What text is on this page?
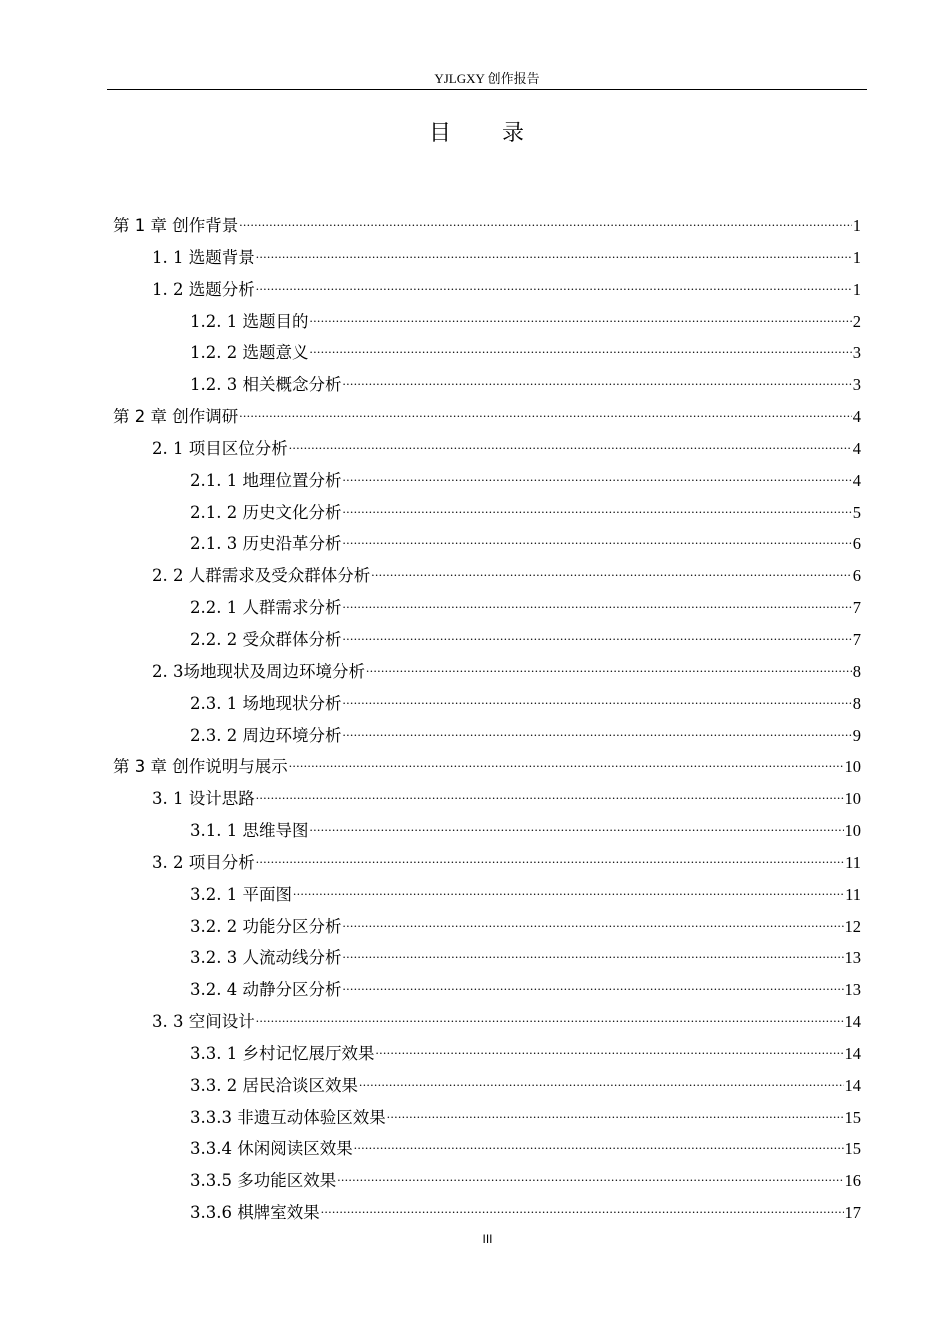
YJLGXY 创作报告
目 录
第 1 章 创作背景 .....	1
1. 1 选题背景 .....	1
1. 2 选题分析 .....	1
1.2. 1 选题目的 .....	2
1.2. 2 选题意义 .....	3
1.2. 3 相关概念分析 .....	3
第 2 章 创作调研 .....	4
2. 1 项目区位分析 .....	4
2.1. 1 地理位置分析 .....	4
2.1. 2 历史文化分析 .....	5
2.1. 3 历史沿革分析 .....	6
2. 2 人群需求及受众群体分析 .....	6
2.2. 1 人群需求分析 .....	7
2.2. 2 受众群体分析 .....	7
2. 3场地现状及周边环境分析 .....	8
2.3. 1 场地现状分析 .....	8
2.3. 2 周边环境分析 .....	9
第 3 章 创作说明与展示 .....	10
3. 1 设计思路 .....	10
3.1. 1 思维导图 .....	10
3. 2 项目分析 .....	11
3.2. 1 平面图 .....	11
3.2. 2 功能分区分析 .....	12
3.2. 3 人流动线分析 .....	13
3.2. 4 动静分区分析 .....	13
3. 3 空间设计 .....	14
3.3. 1 乡村记忆展厅效果 .....	14
3.3. 2 居民洽谈区效果 .....	14
3.3.3 非遗互动体验区效果 .....	15
3.3.4 休闲阅读区效果 .....	15
3.3.5 多功能区效果 .....	16
3.3.6 棋牌室效果 .....	17
III
